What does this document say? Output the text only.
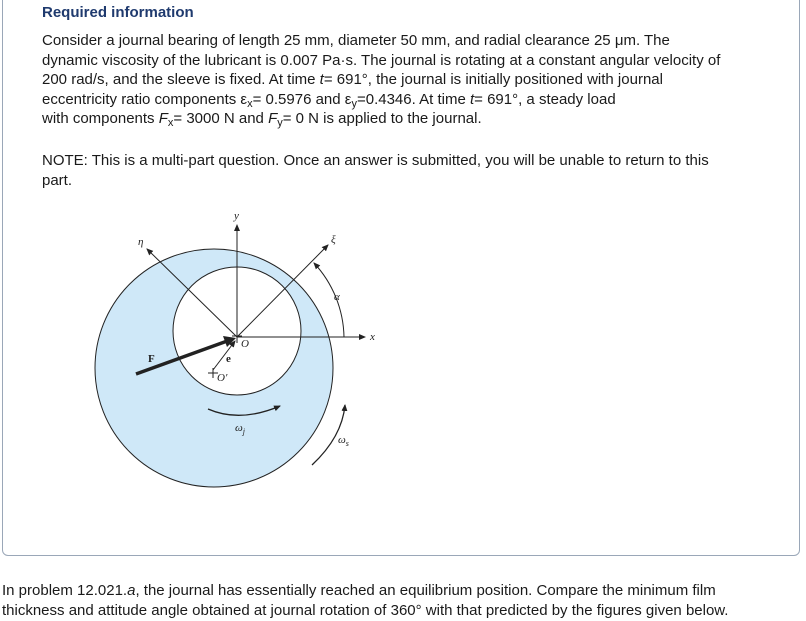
Required information
Consider a journal bearing of length 25 mm, diameter 50 mm, and radial clearance 25 μm. The
dynamic viscosity of the lubricant is 0.007 Pa·s. The journal is rotating at a constant angular velocity of
200 rad/s, and the sleeve is fixed. At time t= 691°, the journal is initially positioned with journal
eccentricity ratio components $\varepsilon_x= 0.5976$ and $\varepsilon_y=0.4346$. At time t= 691°, a steady load
with components $F_x= 3000$ N and $F_y= 0$ N is applied to the journal.
NOTE: This is a multi-part question. Once an answer is submitted, you will be unable to return to this
part.
y
x
η	ξ
α
F	e
O
O′
$\omega_j$
$\omega_s$
In problem 12.021.a, the journal has essentially reached an equilibrium position. Compare the minimum film
thickness and attitude angle obtained at journal rotation of 360° with that predicted by the figures given below.
